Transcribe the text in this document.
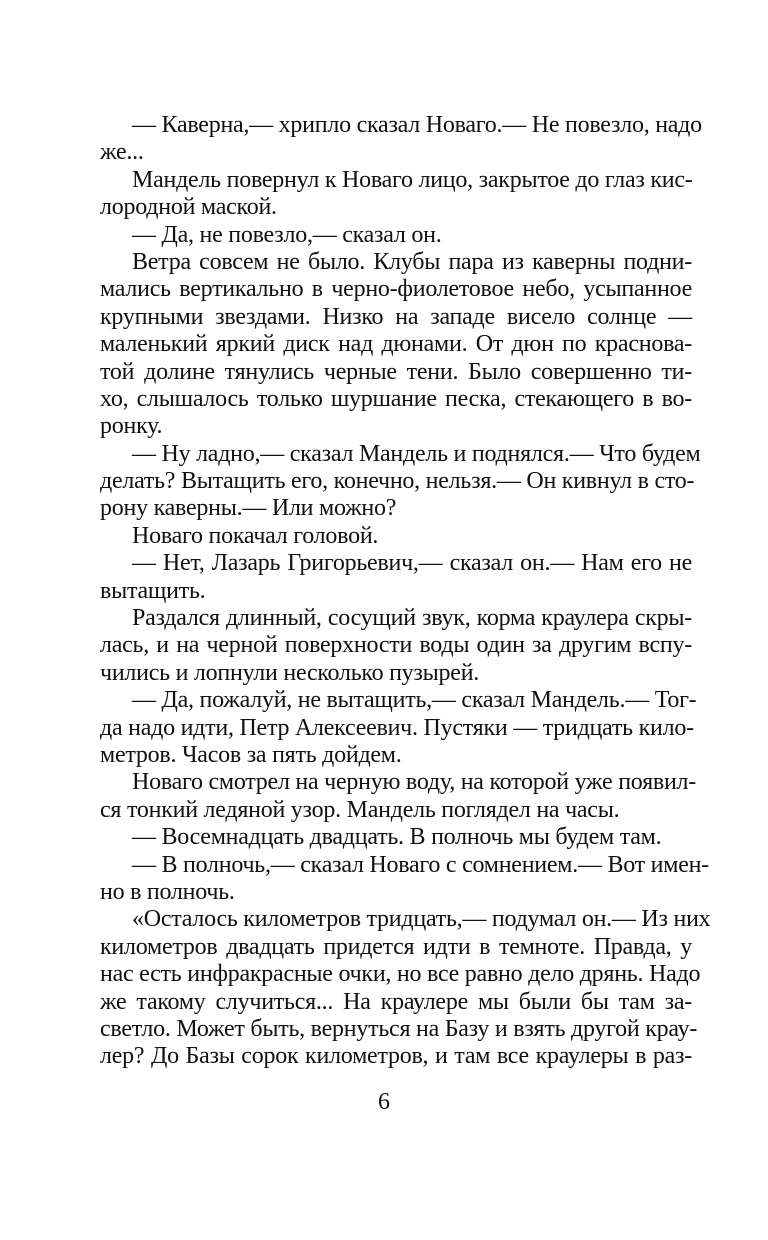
— Каверна,— хрипло сказал Новаго.— Не повезло, надо
же...
Мандель повернул к Новаго лицо, закрытое до глаз кис-
лородной маской.
— Да, не повезло,— сказал он.
Ветра совсем не было. Клубы пара из каверны подни-
мались вертикально в черно-фиолетовое небо, усыпанное
крупными звездами. Низко на западе висело солнце —
маленький яркий диск над дюнами. От дюн по краснова-
той долине тянулись черные тени. Было совершенно ти-
хо, слышалось только шуршание песка, стекающего в во-
ронку.
— Ну ладно,— сказал Мандель и поднялся.— Что будем
делать? Вытащить его, конечно, нельзя.— Он кивнул в сто-
рону каверны.— Или можно?
Новаго покачал головой.
— Нет, Лазарь Григорьевич,— сказал он.— Нам его не
вытащить.
Раздался длинный, сосущий звук, корма краулера скры-
лась, и на черной поверхности воды один за другим вспу-
чились и лопнули несколько пузырей.
— Да, пожалуй, не вытащить,— сказал Мандель.— Тог-
да надо идти, Петр Алексеевич. Пустяки — тридцать кило-
метров. Часов за пять дойдем.
Новаго смотрел на черную воду, на которой уже появил-
ся тонкий ледяной узор. Мандель поглядел на часы.
— Восемнадцать двадцать. В полночь мы будем там.
— В полночь,— сказал Новаго с сомнением.— Вот имен-
но в полночь.
«Осталось километров тридцать,— подумал он.— Из них
километров двадцать придется идти в темноте. Правда, у
нас есть инфракрасные очки, но все равно дело дрянь. Надо
же такому случиться... На краулере мы были бы там за-
светло. Может быть, вернуться на Базу и взять другой крау-
лер? До Базы сорок километров, и там все краулеры в раз-
6
